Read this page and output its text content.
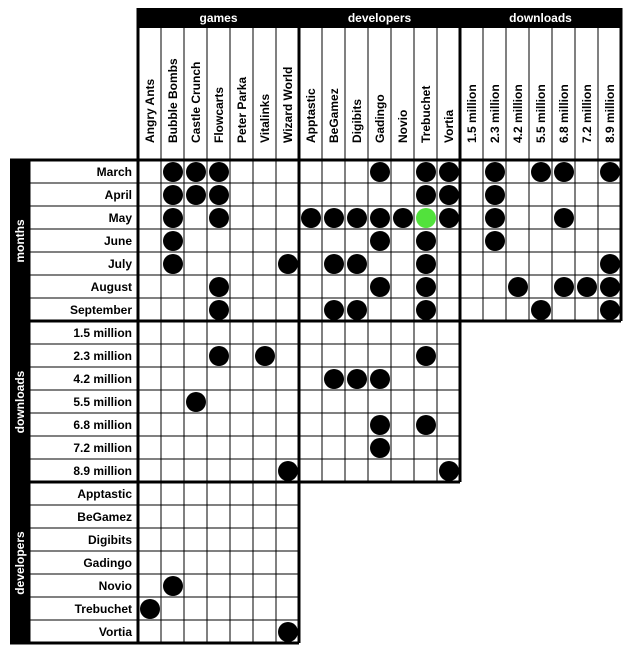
games
Angry Ants Bubble Bombs Castle Crunch Flowcarts Peter Parka Vitalinks Wizard World
developers
Apptastic BeGamez Digibits Gadingo Novio Trebuchet Vortia
downloads
1.5 million 2.3 million 4.2 million 5.5 million 6.8 million 7.2 million 8.9 million
months
March
April
May
June
July
August
September
downloads
1.5 million
2.3 million
4.2 million
5.5 million
6.8 million
7.2 million
8.9 million
developers
Apptastic
BeGamez
Digibits
Gadingo
Novio
Trebuchet
Vortia
